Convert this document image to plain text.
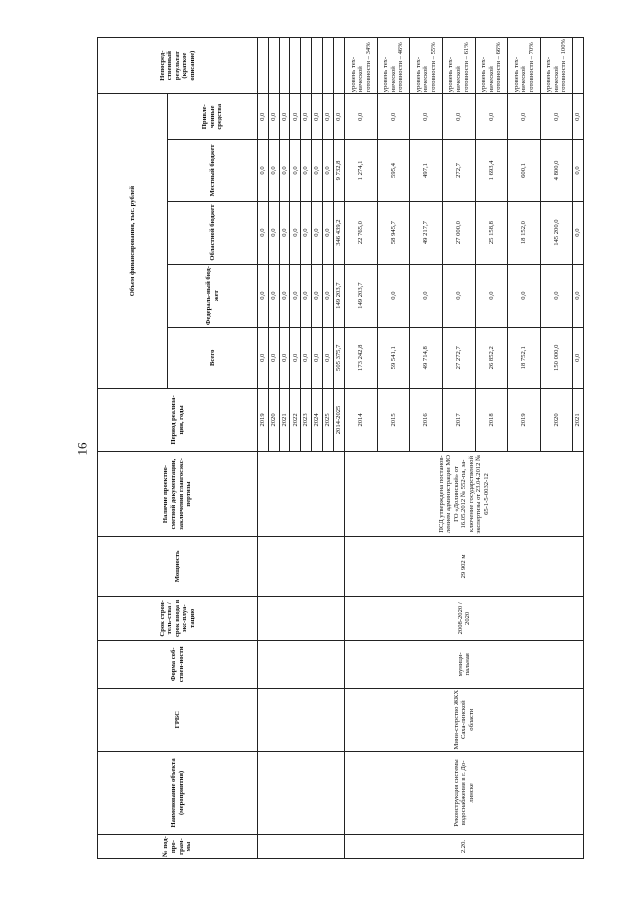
16
№ под-про-грам-мы	Наименование объекта (мероприятия)	ГРБС	Форма соб-ствен-ности	Срок строи-тель-ства / срок ввода в экс-плуа-тацию	Мощность	Наличие проектно-сметной документации, заключения главгосэкс-пертизы	Период реализа-ции, годы	Объем финансирования, тыс. рублей					Непосред-ственный результат (краткое описание)
								Всего	Федераль-ный бюд-жет	Областной бюджет	Местный бюджет	Привле-ченные средства	
							2019	0,0	0,0	0,0	0,0	0,0	
							2020	0,0	0,0	0,0	0,0	0,0	
							2021	0,0	0,0	0,0	0,0	0,0	
							2022	0,0	0,0	0,0	0,0	0,0	
							2023	0,0	0,0	0,0	0,0	0,0	
							2024	0,0	0,0	0,0	0,0	0,0	
							2025	0,0	0,0	0,0	0,0	0,0	
							2014-2025	505 375,7	149 203,7	346 439,2	9 732,8	0,0	
2.20.	Реконструкция системы водоснабжения в г. До-линске	Мини-стерство ЖКХ Саха-линской области	муници-пальная	2008-2020 / 2020	29 902 м	ПСД утверждена постанов-лением администрации МО ГО «Долинский» от 16.05.2012 № 552-па, за-ключение государственной экспертизы от 23.04.2012 № 65-1-5-0032-12	2014	173 242,8	149 203,7	22 765,0	1 274,1	0,0	уровень тех-нической готовности – 34%
							2015	59 541,1	0,0	58 945,7	595,4	0,0	уровень тех-нической готовности – 46%
							2016	49 714,8	0,0	49 217,7	497,1	0,0	уровень тех-нической готовности – 55%
							2017	27 272,7	0,0	27 000,0	272,7	0,0	уровень тех-нической готовности – 61%
							2018	26 852,2	0,0	25 158,8	1 693,4	0,0	уровень тех-нической готовности – 66%
							2019	18 752,1	0,0	18 152,0	600,1	0,0	уровень тех-нической готовности – 70%
							2020	150 000,0	0,0	145 200,0	4 800,0	0,0	уровень тех-нической готовности – 100%
							2021	0,0	0,0	0,0	0,0	0,0	
